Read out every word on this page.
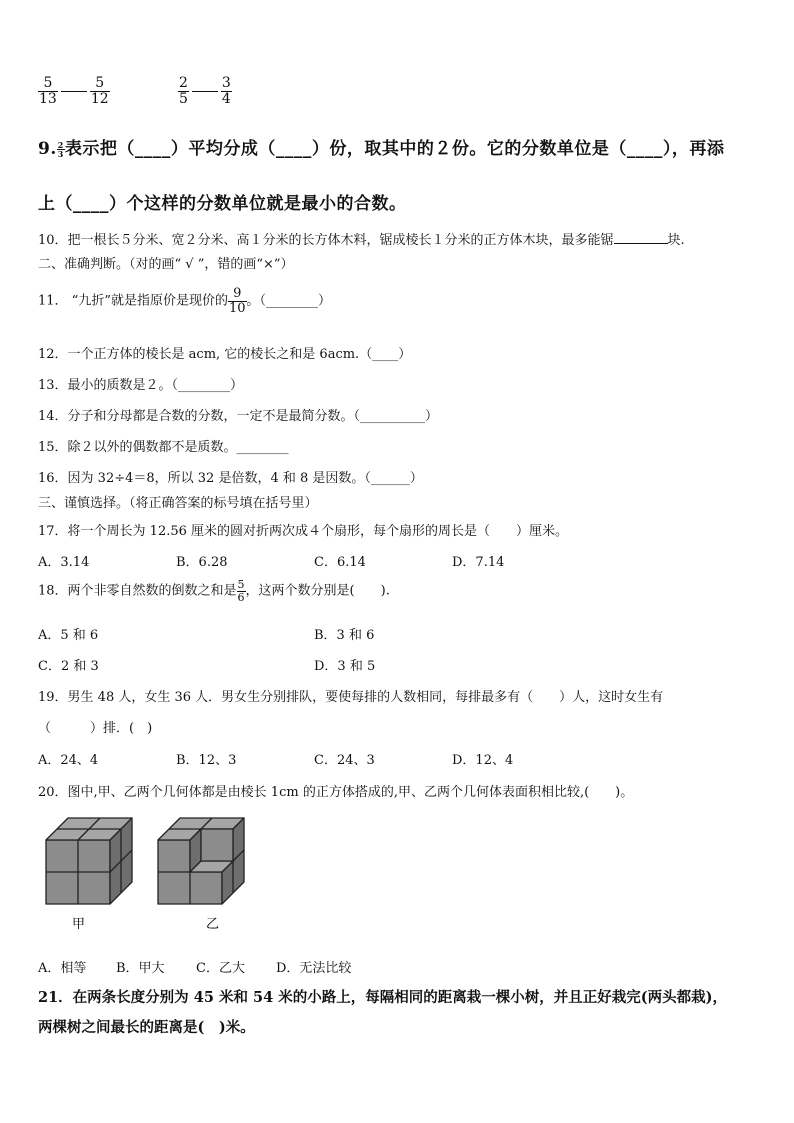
$\frac{5}{13} \frac{5}{12}$	$\frac{2}{5} \frac{3}{4}$
9. $\frac{2}{3}$ 表示把（____）平均分成（____）份，取其中的２份。它的分数单位是（____），再添
上（____）个这样的分数单位就是最小的合数。
10．把一根长５分米、宽２分米、高１分米的长方体木料，锯成棱长１分米的正方体木块，最多能锯	块.
二、准确判断。（对的画“ √ ”，错的画“×”）
11． “九折”就是指原价是现价的 $\frac{9}{10}$ 。（________）
12．一个正方体的棱长是 acm, 它的棱长之和是 6acm.（____）
13．最小的质数是２。（________）
14．分子和分母都是合数的分数，一定不是最简分数。（__________）
15．除２以外的偶数都不是质数。________
16．因为 32÷4＝8，所以 32 是倍数，4 和 8 是因数。（______）
三、谨慎选择。（将正确答案的标号填在括号里）
17．将一个周长为 12.56 厘米的圆对折两次成４个扇形，每个扇形的周长是（　　）厘米。
A．3.14	B．6.28	C．6.14	D．7.14
18．两个非零自然数的倒数之和是 $\frac{5}{6}$ ，这两个数分别是(　　).
A．5 和 6	B．3 和 6
C．2 和 3	D．3 和 5
19．男生 48 人，女生 36 人．男女生分别排队，要使每排的人数相同，每排最多有（　　）人，这时女生有
（　　　）排．(　)
A．24、4	B．12、3	C．24、3	D．12、4
20．图中,甲、乙两个几何体都是由棱长 1cm 的正方体搭成的,甲、乙两个几何体表面积相比较,(　　)。
甲	乙
A．相等 B．甲大 C．乙大 D．无法比较
21．在两条长度分别为 45 米和 54 米的小路上，每隔相同的距离栽一棵小树，并且正好栽完(两头都栽)，
两棵树之间最长的距离是(　)米。
